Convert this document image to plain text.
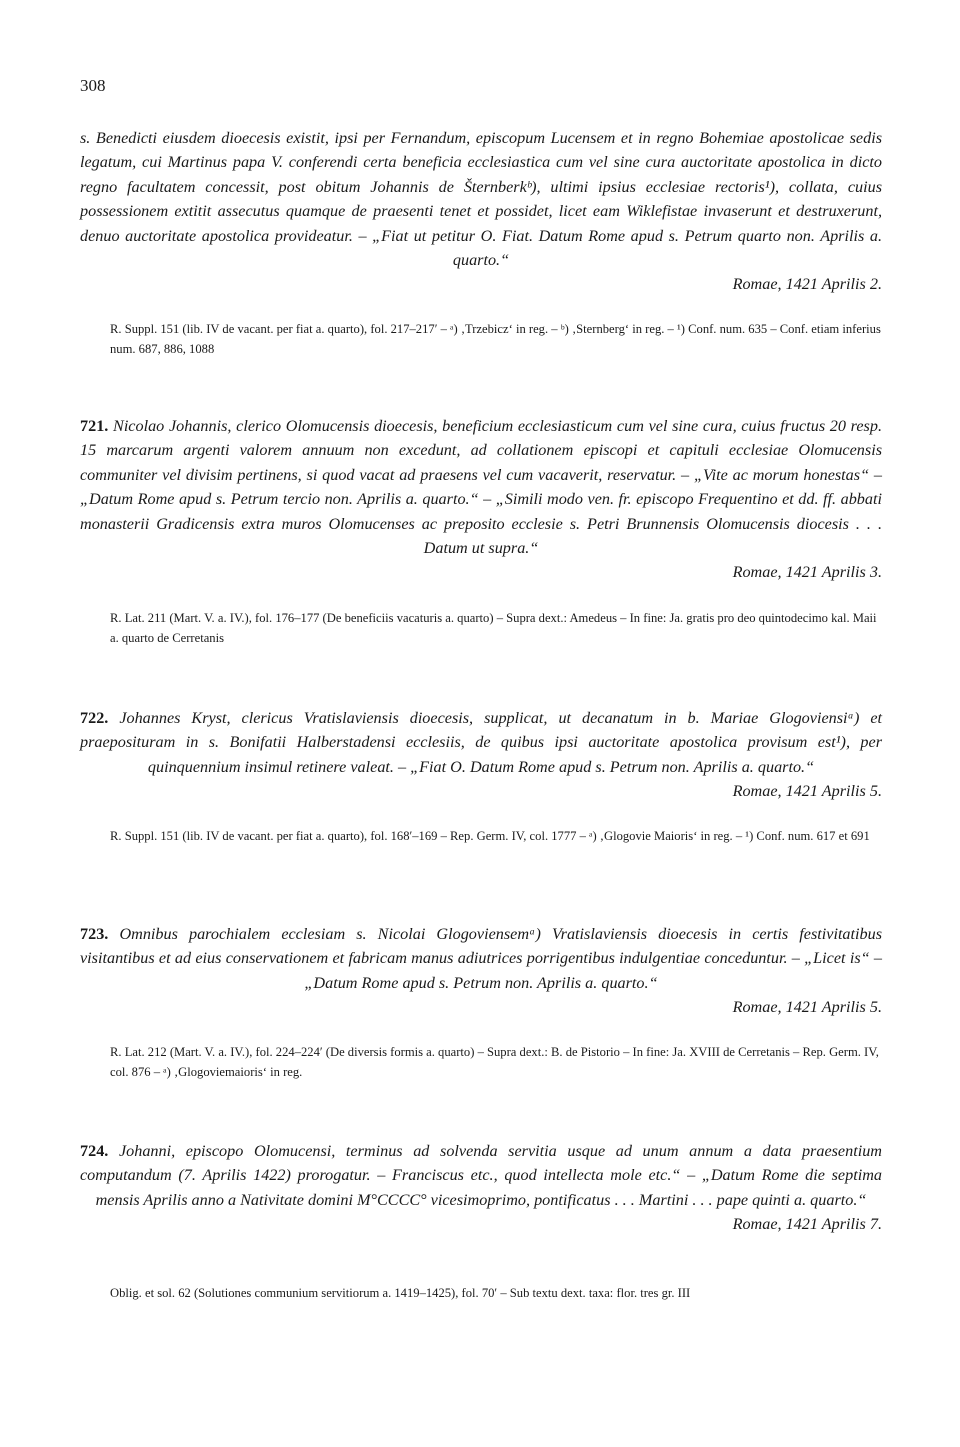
308

s. Benedicti eiusdem dioecesis existit, ipsi per Fernandum, episcopum Lucensem et in regno Bohemiae apostolicae sedis legatum, cui Martinus papa V. conferendi certa beneficia ecclesiastica cum vel sine cura auctoritate apostolica in dicto regno facultatem concessit, post obitum Johannis de Šternberkᵇ), ultimi ipsius ecclesiae rectoris¹), collata, cuius possessionem extitit assecutus quamque de praesenti tenet et possidet, licet eam Wiklefistae invaserunt et destruxerunt, denuo auctoritate apostolica provideatur. – „Fiat ut petitur O. Fiat. Datum Rome apud s. Petrum quarto non. Aprilis a. quarto.“

Romae, 1421 Aprilis 2.

R. Suppl. 151 (lib. IV de vacant. per fiat a. quarto), fol. 217–217′ – ᵃ) ‚Trzebicz‘ in reg. – ᵇ) ‚Sternberg‘ in reg. – ¹) Conf. num. 635 – Conf. etiam inferius num. 687, 886, 1088

721. Nicolao Johannis, clerico Olomucensis dioecesis, beneficium ecclesiasticum cum vel sine cura, cuius fructus 20 resp. 15 marcarum argenti valorem annuum non excedunt, ad collationem episcopi et capituli ecclesiae Olomucensis communiter vel divisim pertinens, si quod vacat ad praesens vel cum vacaverit, reservatur. – „Vite ac morum honestas“ – „Datum Rome apud s. Petrum tercio non. Aprilis a. quarto.“ – „Simili modo ven. fr. episcopo Frequentino et dd. ff. abbati monasterii Gradicensis extra muros Olomucenses ac preposito ecclesie s. Petri Brunnensis Olomucensis diocesis . . . Datum ut supra.“

Romae, 1421 Aprilis 3.

R. Lat. 211 (Mart. V. a. IV.), fol. 176–177 (De beneficiis vacaturis a. quarto) – Supra dext.: Amedeus – In fine: Ja. gratis pro deo quintodecimo kal. Maii a. quarto de Cerretanis

722. Johannes Kryst, clericus Vratislaviensis dioecesis, supplicat, ut decanatum in b. Mariae Glogoviensiᵃ) et praeposituram in s. Bonifatii Halberstadensi ecclesiis, de quibus ipsi auctoritate apostolica provisum est¹), per quinquennium insimul retinere valeat. – „Fiat O. Datum Rome apud s. Petrum non. Aprilis a. quarto.“

Romae, 1421 Aprilis 5.

R. Suppl. 151 (lib. IV de vacant. per fiat a. quarto), fol. 168′–169 – Rep. Germ. IV, col. 1777 – ᵃ) ‚Glogovie Maioris‘ in reg. – ¹) Conf. num. 617 et 691

723. Omnibus parochialem ecclesiam s. Nicolai Glogoviensemᵃ) Vratislaviensis dioecesis in certis festivitatibus visitantibus et ad eius conservationem et fabricam manus adiutrices porrigentibus indulgentiae conceduntur. – „Licet is“ – „Datum Rome apud s. Petrum non. Aprilis a. quarto.“

Romae, 1421 Aprilis 5.

R. Lat. 212 (Mart. V. a. IV.), fol. 224–224′ (De diversis formis a. quarto) – Supra dext.: B. de Pistorio – In fine: Ja. XVIII de Cerretanis – Rep. Germ. IV, col. 876 – ᵃ) ‚Glogoviemaioris‘ in reg.

724. Johanni, episcopo Olomucensi, terminus ad solvenda servitia usque ad unum annum a data praesentium computandum (7. Aprilis 1422) prorogatur. – Franciscus etc., quod intellecta mole etc.“ – „Datum Rome die septima mensis Aprilis anno a Nativitate domini M°CCCC° vicesimoprimo, pontificatus . . . Martini . . . pape quinti a. quarto.“

Romae, 1421 Aprilis 7.

Oblig. et sol. 62 (Solutiones communium servitiorum a. 1419–1425), fol. 70′ – Sub textu dext. taxa: flor. tres gr. III
